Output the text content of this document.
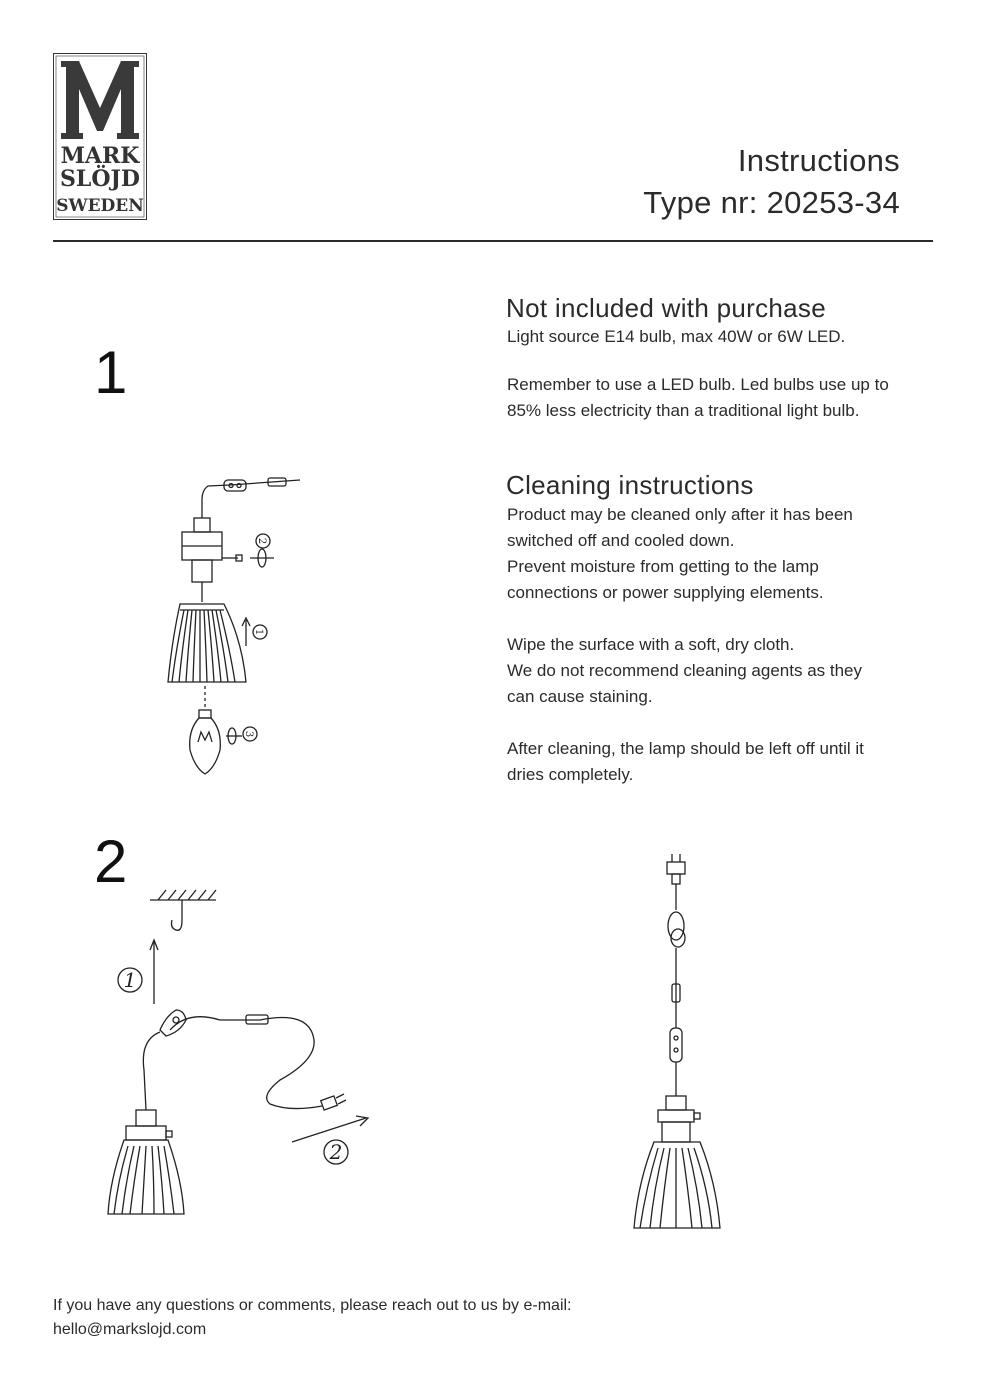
MARK
SLÖJD
SWEDEN
Instructions
Type nr: 20253-34
1
2
2
1
3
1
2
Not included with purchase
Light source E14 bulb, max 40W or 6W LED.
Remember to use a LED bulb. Led bulbs use up to
85% less electricity than a traditional light bulb.
Cleaning instructions
Product may be cleaned only after it has been
switched off and cooled down.
Prevent moisture from getting to the lamp
connections or power supplying elements.
Wipe the surface with a soft, dry cloth.
We do not recommend cleaning agents as they
can cause staining.
After cleaning, the lamp should be left off until it
dries completely.
If you have any questions or comments, please reach out to us by e-mail:
hello@markslojd.com
